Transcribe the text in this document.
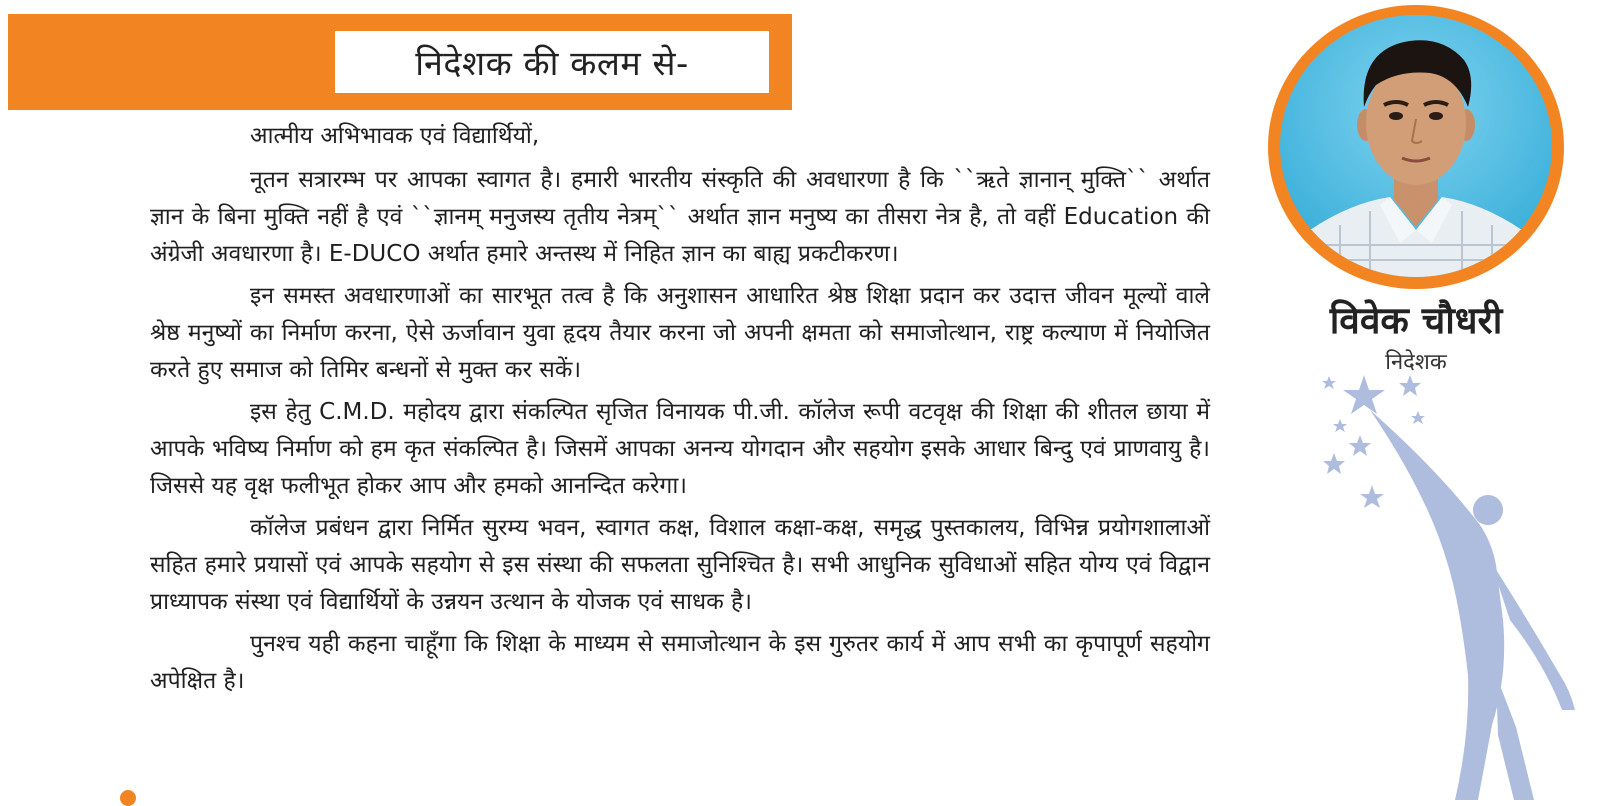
निदेशक की कलम से-

आत्मीय अभिभावक एवं विद्यार्थियों,

नूतन सत्रारम्भ पर आपका स्वागत है। हमारी भारतीय संस्कृति की अवधारणा है कि ``ऋते ज्ञानान् मुक्ति`` अर्थात ज्ञान के बिना मुक्ति नहीं है एवं ``ज्ञानम् मनुजस्य तृतीय नेत्रम्`` अर्थात ज्ञान मनुष्य का तीसरा नेत्र है, तो वहीं Education की अंग्रेजी अवधारणा है। E-DUCO अर्थात हमारे अन्तस्थ में निहित ज्ञान का बाह्य प्रकटीकरण।

इन समस्त अवधारणाओं का सारभूत तत्व है कि अनुशासन आधारित श्रेष्ठ शिक्षा प्रदान कर उदात्त जीवन मूल्यों वाले श्रेष्ठ मनुष्यों का निर्माण करना, ऐसे ऊर्जावान युवा हृदय तैयार करना जो अपनी क्षमता को समाजोत्थान, राष्ट्र कल्याण में नियोजित करते हुए समाज को तिमिर बन्धनों से मुक्त कर सकें।

इस हेतु C.M.D. महोदय द्वारा संकल्पित सृजित विनायक पी.जी. कॉलेज रूपी वटवृक्ष की शिक्षा की शीतल छाया में आपके भविष्य निर्माण को हम कृत संकल्पित है। जिसमें आपका अनन्य योगदान और सहयोग इसके आधार बिन्दु एवं प्राणवायु है। जिससे यह वृक्ष फलीभूत होकर आप और हमको आनन्दित करेगा।

कॉलेज प्रबंधन द्वारा निर्मित सुरम्य भवन, स्वागत कक्ष, विशाल कक्षा-कक्ष, समृद्ध पुस्तकालय, विभिन्न प्रयोगशालाओं सहित हमारे प्रयासों एवं आपके सहयोग से इस संस्था की सफलता सुनिश्चित है। सभी आधुनिक सुविधाओं सहित योग्य एवं विद्वान प्राध्यापक संस्था एवं विद्यार्थियों के उन्नयन उत्थान के योजक एवं साधक है।

पुनश्च यही कहना चाहूँगा कि शिक्षा के माध्यम से समाजोत्थान के इस गुरुतर कार्य में आप सभी का कृपापूर्ण सहयोग अपेक्षित है।

विवेक चौधरी
निदेशक
